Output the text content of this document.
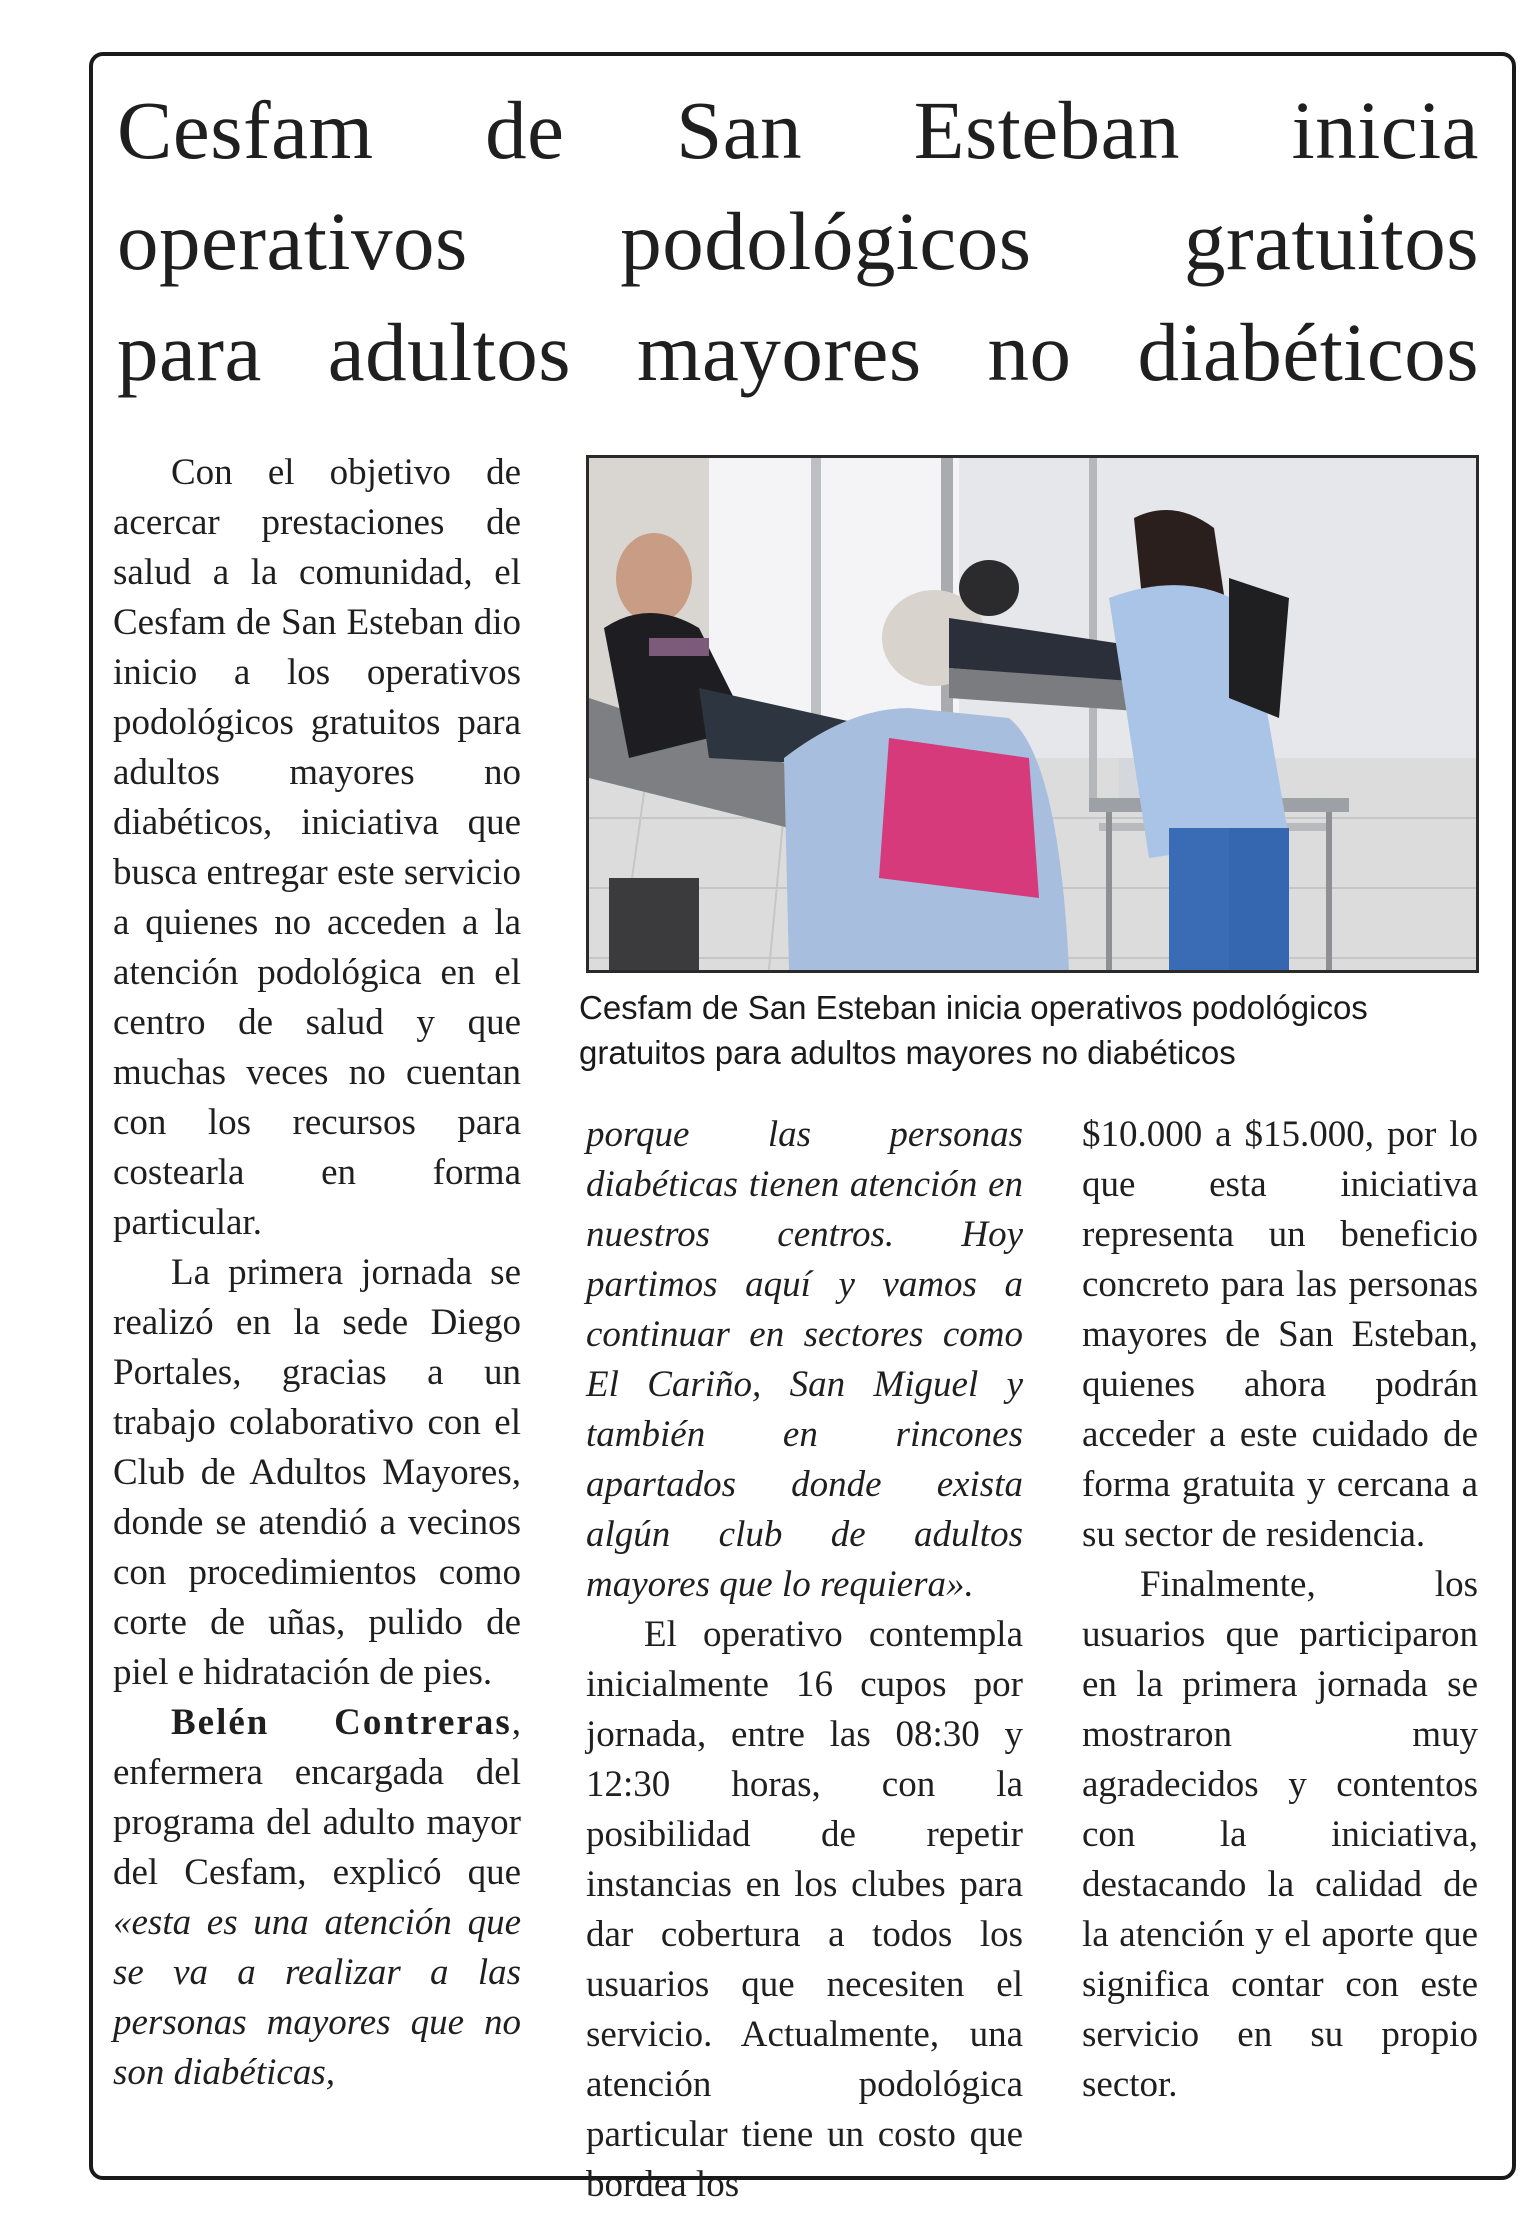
Cesfam de San Esteban inicia
operativos podológicos gratuitos
para adultos mayores no diabéticos

Con el objetivo de acercar prestaciones de salud a la comunidad, el Cesfam de San Esteban dio inicio a los operativos podológicos gratuitos para adultos mayores no diabéticos, iniciativa que busca entregar este servicio a quienes no acceden a la atención podológica en el centro de salud y que muchas veces no cuentan con los recursos para costearla en forma particular.

La primera jornada se realizó en la sede Diego Portales, gracias a un trabajo colaborativo con el Club de Adultos Mayores, donde se atendió a vecinos con procedimientos como corte de uñas, pulido de piel e hidratación de pies.

Belén Contreras, enfermera encargada del programa del adulto mayor del Cesfam, explicó que «esta es una atención que se va a realizar a las personas mayores que no son diabéticas,

Cesfam de San Esteban inicia operativos podológicos
gratuitos para adultos mayores no diabéticos

porque las personas diabéticas tienen atención en nuestros centros. Hoy partimos aquí y vamos a continuar en sectores como El Cariño, San Miguel y también en rincones apartados donde exista algún club de adultos mayores que lo requiera».

El operativo contempla inicialmente 16 cupos por jornada, entre las 08:30 y 12:30 horas, con la posibilidad de repetir instancias en los clubes para dar cobertura a todos los usuarios que necesiten el servicio. Actualmente, una atención podológica particular tiene un costo que bordea los

$10.000 a $15.000, por lo que esta iniciativa representa un beneficio concreto para las personas mayores de San Esteban, quienes ahora podrán acceder a este cuidado de forma gratuita y cercana a su sector de residencia.

Finalmente, los usuarios que participaron en la primera jornada se mostraron muy agradecidos y contentos con la iniciativa, destacando la calidad de la atención y el aporte que significa contar con este servicio en su propio sector.
